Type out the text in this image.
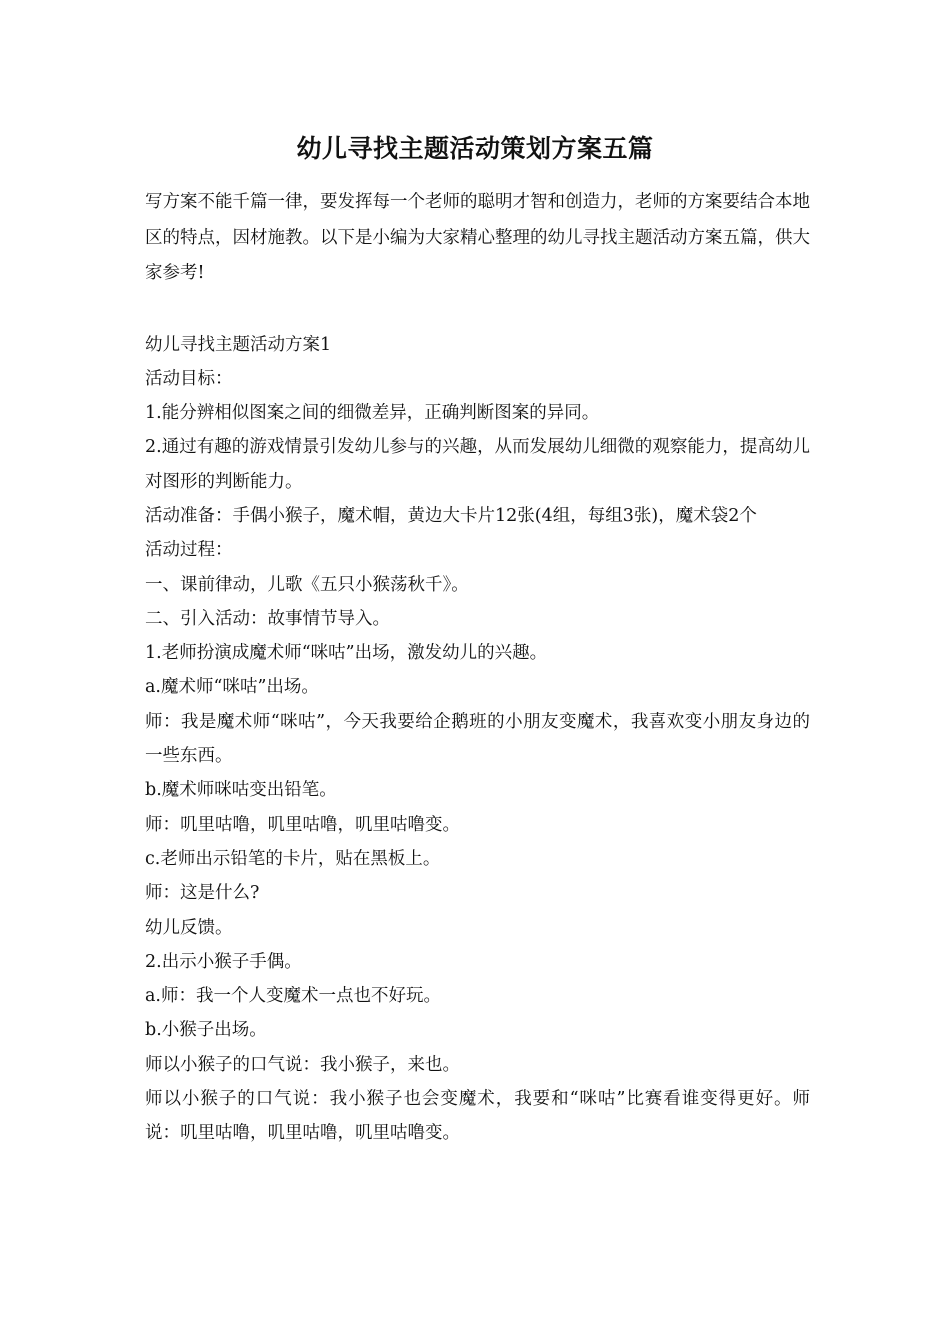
幼儿寻找主题活动策划方案五篇

写方案不能千篇一律，要发挥每一个老师的聪明才智和创造力，老师的方案要结合本地区的特点，因材施教。以下是小编为大家精心整理的幼儿寻找主题活动方案五篇，供大家参考!

幼儿寻找主题活动方案1

活动目标：

1.能分辨相似图案之间的细微差异，正确判断图案的异同。

2.通过有趣的游戏情景引发幼儿参与的兴趣，从而发展幼儿细微的观察能力，提高幼儿对图形的判断能力。

活动准备：手偶小猴子，魔术帽，黄边大卡片12张(4组，每组3张)，魔术袋2个

活动过程：

一、课前律动，儿歌《五只小猴荡秋千》。

二、引入活动：故事情节导入。

1.老师扮演成魔术师“咪咕”出场，激发幼儿的兴趣。

a.魔术师“咪咕”出场。

师：我是魔术师“咪咕”，今天我要给企鹅班的小朋友变魔术，我喜欢变小朋友身边的一些东西。

b.魔术师咪咕变出铅笔。

师：叽里咕噜，叽里咕噜，叽里咕噜变。

c.老师出示铅笔的卡片，贴在黑板上。

师：这是什么?

幼儿反馈。

2.出示小猴子手偶。

a.师：我一个人变魔术一点也不好玩。

b.小猴子出场。

师以小猴子的口气说：我小猴子，来也。

师以小猴子的口气说：我小猴子也会变魔术，我要和“咪咕”比赛看谁变得更好。师说：叽里咕噜，叽里咕噜，叽里咕噜变。
